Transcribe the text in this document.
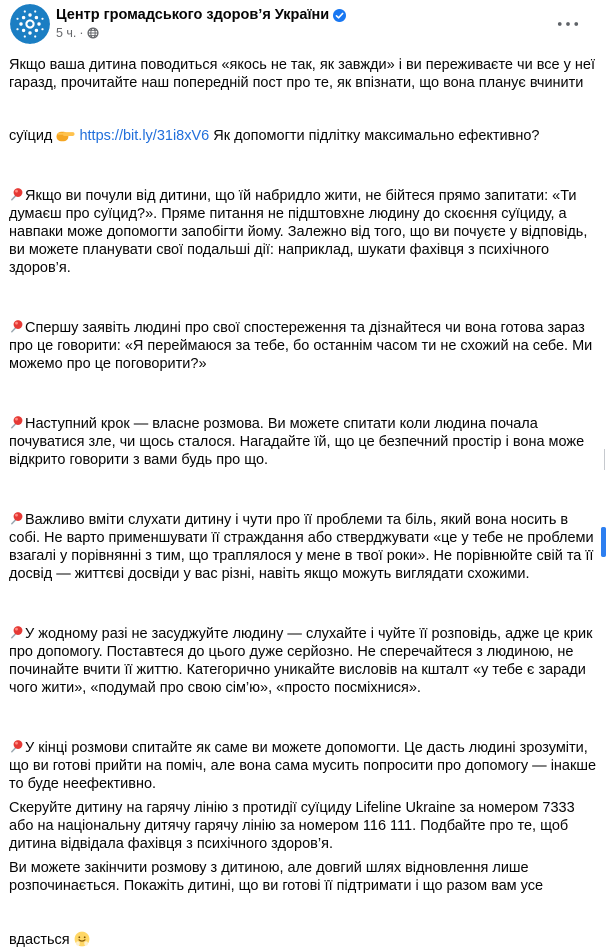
Центр громадського здоров’я України
5 ч. ·

Якщо ваша дитина поводиться «якось не так, як завжди» і ви переживаєте чи все у неї гаразд, прочитайте наш попередній пост про те, як впізнати, що вона планує вчинити суїцид

https://bit.ly/31i8xV6 Як допомогти підлітку максимально ефективно?

Якщо ви почули від дитини, що їй набридло жити, не бійтеся прямо запитати: «Ти думаєш про суїцид?». Пряме питання не підштовхне людину до скоєння суїциду, а навпаки може допомогти запобігти йому. Залежно від того, що ви почуєте у відповідь, ви можете планувати свої подальші дії: наприклад, шукати фахівця з психічного здоров’я.

Спершу заявіть людині про свої спостереження та дізнайтеся чи вона готова зараз про це говорити: «Я переймаюся за тебе, бо останнім часом ти не схожий на себе. Ми можемо про це поговорити?»

Наступний крок — власне розмова. Ви можете спитати коли людина почала почуватися зле, чи щось сталося. Нагадайте їй, що це безпечний простір і вона може відкрито говорити з вами будь про що.

Важливо вміти слухати дитину і чути про її проблеми та біль, який вона носить в собі. Не варто применшувати її страждання або стверджувати «це у тебе не проблеми взагалі у порівнянні з тим, що траплялося у мене в твої роки». Не порівнюйте свій та її досвід — життєві досвіди у вас різні, навіть якщо можуть виглядати схожими.

У жодному разі не засуджуйте людину — слухайте і чуйте її розповідь, адже це крик про допомогу. Поставтеся до цього дуже серйозно. Не сперечайтеся з людиною, не починайте вчити її життю. Категорично уникайте висловів на кшталт «у тебе є заради чого жити», «подумай про свою сім’ю», «просто посміхнися».

У кінці розмови спитайте як саме ви можете допомогти. Це дасть людині зрозуміти, що ви готові прийти на поміч, але вона сама мусить попросити про допомогу — інакше то буде неефективно.

Скеруйте дитину на гарячу лінію з протидії суїциду Lifeline Ukraine за номером 7333 або на національну дитячу гарячу лінію за номером 116 111. Подбайте про те, щоб дитина відвідала фахівця з психічного здоров’я.

Ви можете закінчити розмову з дитиною, але довгий шлях відновлення лише розпочинається. Покажіть дитині, що ви готові її підтримати і що разом вам усе вдасться
